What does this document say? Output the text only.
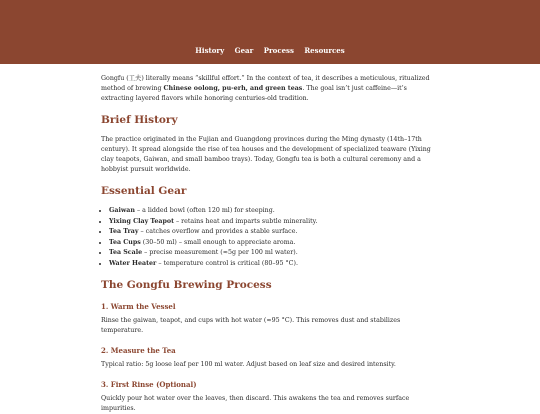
History Gear Process Resources

Gongfu (工夫) literally means “skillful effort.” In the context of tea, it describes a meticulous, ritualized method of brewing Chinese oolong, pu-erh, and green teas. The goal isn’t just caffeine—it’s extracting layered flavors while honoring centuries-old tradition.

Brief History

The practice originated in the Fujian and Guangdong provinces during the Ming dynasty (14th–17th century). It spread alongside the rise of tea houses and the development of specialized teaware (Yixing clay teapots, Gaiwan, and small bamboo trays). Today, Gongfu tea is both a cultural ceremony and a hobbyist pursuit worldwide.

Essential Gear
• Gaiwan – a lidded bowl (often 120 ml) for steeping.
• Yixing Clay Teapot – retains heat and imparts subtle minerality.
• Tea Tray – catches overflow and provides a stable surface.
• Tea Cups (30–50 ml) – small enough to appreciate aroma.
• Tea Scale – precise measurement (≈5g per 100 ml water).
• Water Heater – temperature control is critical (80–95 °C).
The Gongfu Brewing Process
1. Warm the Vessel

Rinse the gaiwan, teapot, and cups with hot water (≈95 °C). This removes dust and stabilizes temperature.

2. Measure the Tea

Typical ratio: 5g loose leaf per 100 ml water. Adjust based on leaf size and desired intensity.

3. First Rinse (Optional)

Quickly pour hot water over the leaves, then discard. This awakens the tea and removes surface impurities.
